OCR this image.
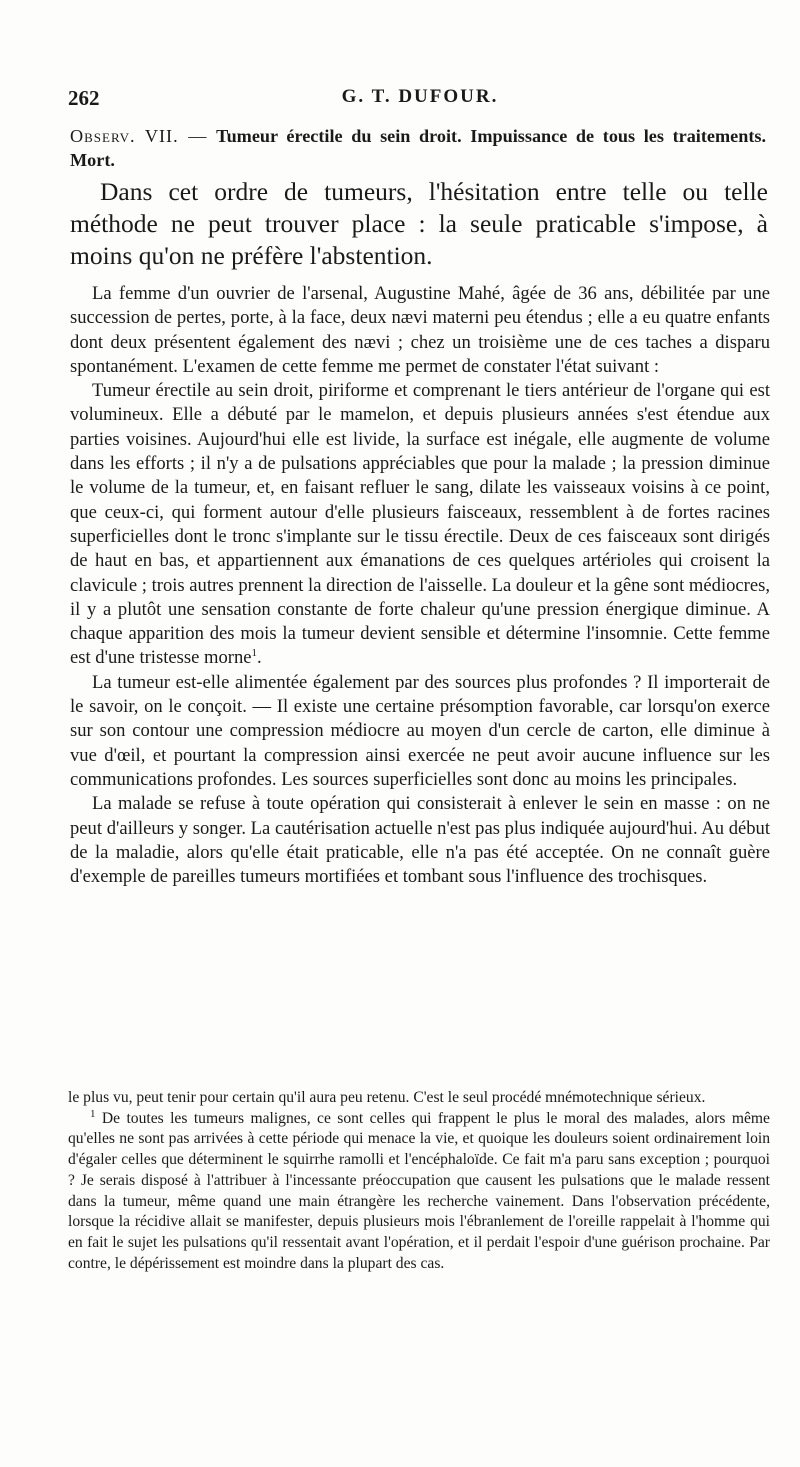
262	G. T. DUFOUR.
Observ. VII. — Tumeur érectile du sein droit. Impuissance de tous les traitements. Mort.
Dans cet ordre de tumeurs, l'hésitation entre telle ou telle méthode ne peut trouver place : la seule praticable s'impose, à moins qu'on ne préfère l'abstention.

La femme d'un ouvrier de l'arsenal, Augustine Mahé, âgée de 36 ans, débilitée par une succession de pertes, porte, à la face, deux nævi materni peu étendus ; elle a eu quatre enfants dont deux présentent également des nævi ; chez un troisième une de ces taches a disparu spontanément. L'examen de cette femme me permet de constater l'état suivant :

Tumeur érectile au sein droit, piriforme et comprenant le tiers antérieur de l'organe qui est volumineux. Elle a débuté par le mamelon, et depuis plusieurs années s'est étendue aux parties voisines. Aujourd'hui elle est livide, la surface est inégale, elle augmente de volume dans les efforts ; il n'y a de pulsations appréciables que pour la malade ; la pression diminue le volume de la tumeur, et, en faisant refluer le sang, dilate les vaisseaux voisins à ce point, que ceux-ci, qui forment autour d'elle plusieurs faisceaux, ressemblent à de fortes racines superficielles dont le tronc s'implante sur le tissu érectile. Deux de ces faisceaux sont dirigés de haut en bas, et appartiennent aux émanations de ces quelques artérioles qui croisent la clavicule ; trois autres prennent la direction de l'aisselle. La douleur et la gêne sont médiocres, il y a plutôt une sensation constante de forte chaleur qu'une pression énergique diminue. A chaque apparition des mois la tumeur devient sensible et détermine l'insomnie. Cette femme est d'une tristesse morne$^1$.

La tumeur est-elle alimentée également par des sources plus profondes ? Il importerait de le savoir, on le conçoit. — Il existe une certaine présomption favorable, car lorsqu'on exerce sur son contour une compression médiocre au moyen d'un cercle de carton, elle diminue à vue d'œil, et pourtant la compression ainsi exercée ne peut avoir aucune influence sur les communications profondes. Les sources superficielles sont donc au moins les principales.

La malade se refuse à toute opération qui consisterait à enlever le sein en masse : on ne peut d'ailleurs y songer. La cautérisation actuelle n'est pas plus indiquée aujourd'hui. Au début de la maladie, alors qu'elle était praticable, elle n'a pas été acceptée. On ne connaît guère d'exemple de pareilles tumeurs mortifiées et tombant sous l'influence des trochisques.

le plus vu, peut tenir pour certain qu'il aura peu retenu. C'est le seul procédé mnémotechnique sérieux.

$^1$ De toutes les tumeurs malignes, ce sont celles qui frappent le plus le moral des malades, alors même qu'elles ne sont pas arrivées à cette période qui menace la vie, et quoique les douleurs soient ordinairement loin d'égaler celles que déterminent le squirrhe ramolli et l'encéphaloïde. Ce fait m'a paru sans exception ; pourquoi ? Je serais disposé à l'attribuer à l'incessante préoccupation que causent les pulsations que le malade ressent dans la tumeur, même quand une main étrangère les recherche vainement. Dans l'observation précédente, lorsque la récidive allait se manifester, depuis plusieurs mois l'ébranlement de l'oreille rappelait à l'homme qui en fait le sujet les pulsations qu'il ressentait avant l'opération, et il perdait l'espoir d'une guérison prochaine. Par contre, le dépérissement est moindre dans la plupart des cas.
